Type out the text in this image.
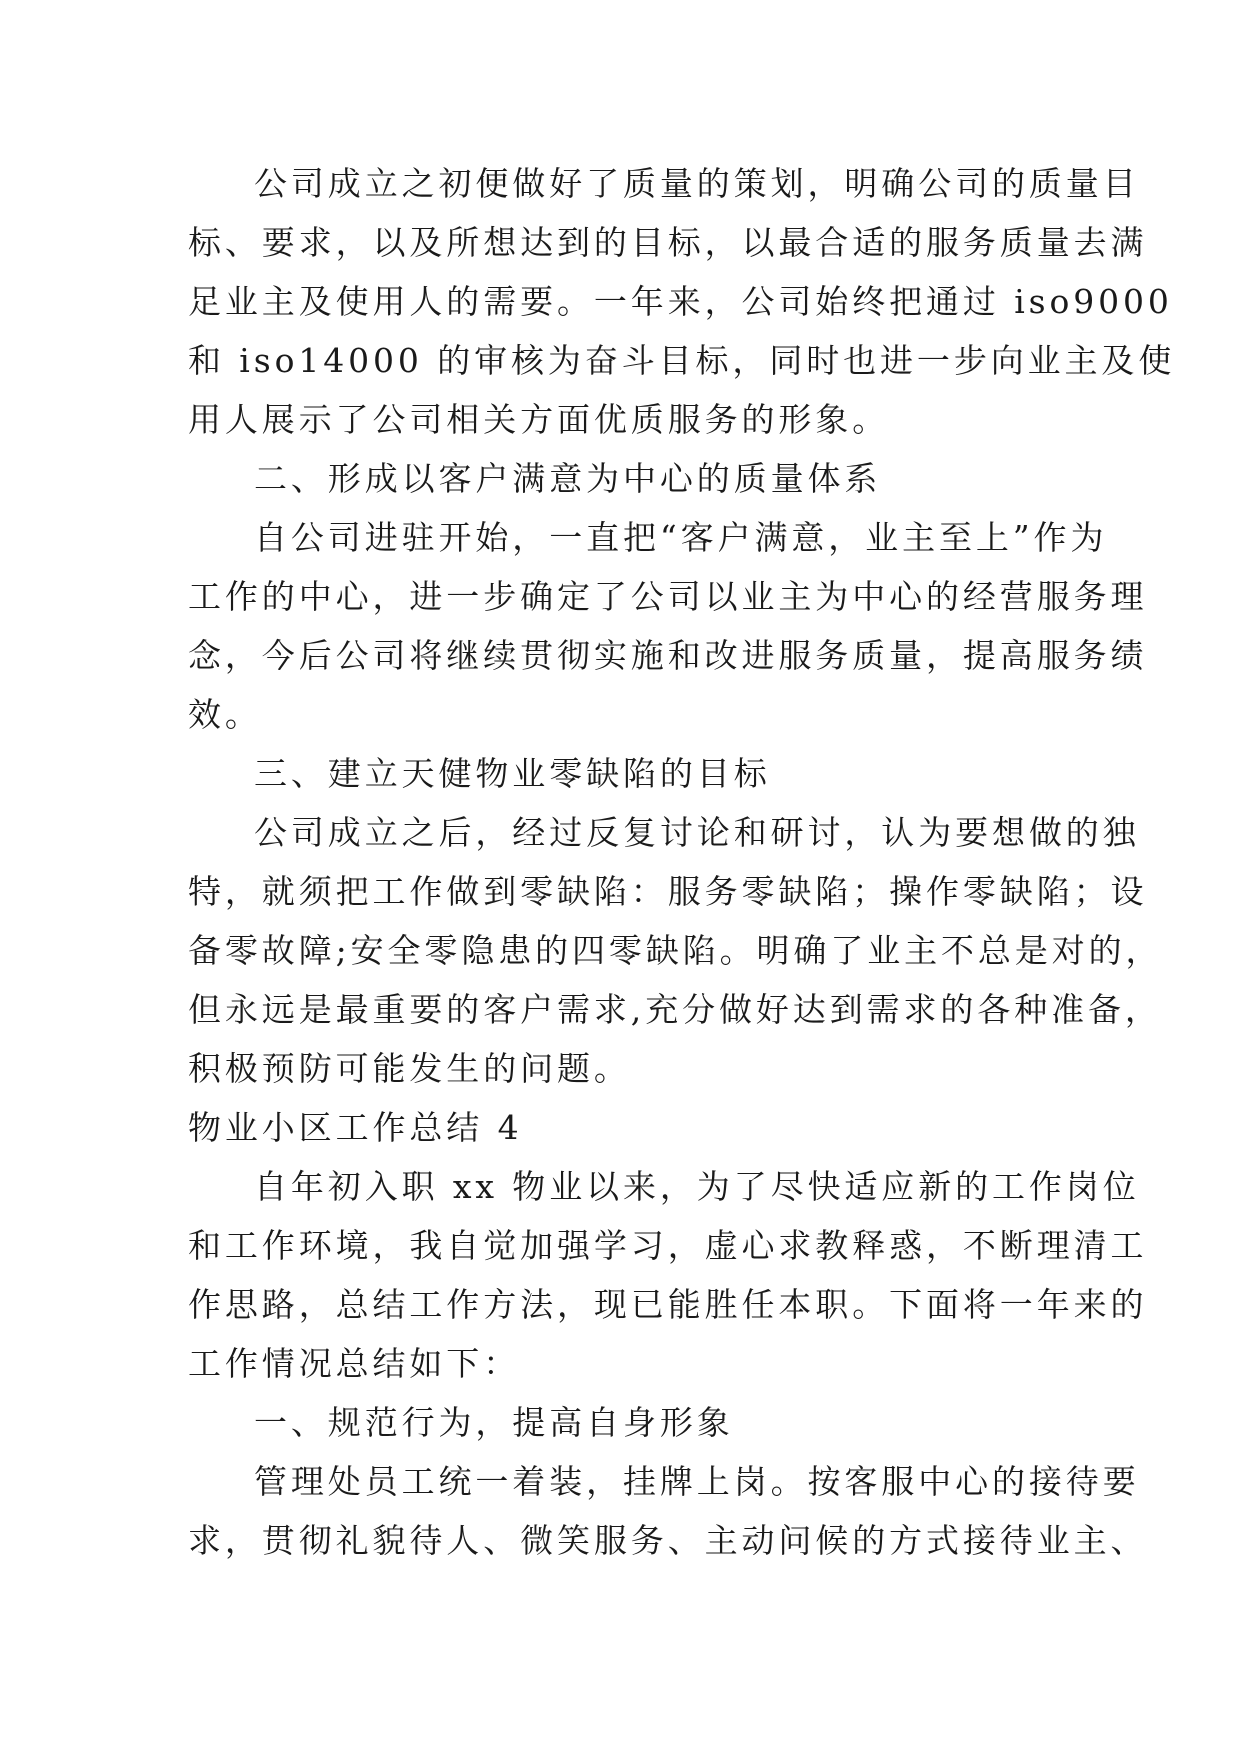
公司成立之初便做好了质量的策划，明确公司的质量目
标、要求，以及所想达到的目标，以最合适的服务质量去满
足业主及使用人的需要。一年来，公司始终把通过 iso9000
和 iso14000 的审核为奋斗目标，同时也进一步向业主及使
用人展示了公司相关方面优质服务的形象。
二、形成以客户满意为中心的质量体系
自公司进驻开始，一直把“客户满意，业主至上”作为
工作的中心，进一步确定了公司以业主为中心的经营服务理
念，今后公司将继续贯彻实施和改进服务质量，提高服务绩
效。
三、建立天健物业零缺陷的目标
公司成立之后，经过反复讨论和研讨，认为要想做的独
特，就须把工作做到零缺陷：服务零缺陷；操作零缺陷；设
备零故障;安全零隐患的四零缺陷。明确了业主不总是对的，
但永远是最重要的客户需求,充分做好达到需求的各种准备，
积极预防可能发生的问题。
物业小区工作总结 4
自年初入职 xx 物业以来，为了尽快适应新的工作岗位
和工作环境，我自觉加强学习，虚心求教释惑，不断理清工
作思路，总结工作方法，现已能胜任本职。下面将一年来的
工作情况总结如下：
一、规范行为，提高自身形象
管理处员工统一着装，挂牌上岗。按客服中心的接待要
求，贯彻礼貌待人、微笑服务、主动问候的方式接待业主、
